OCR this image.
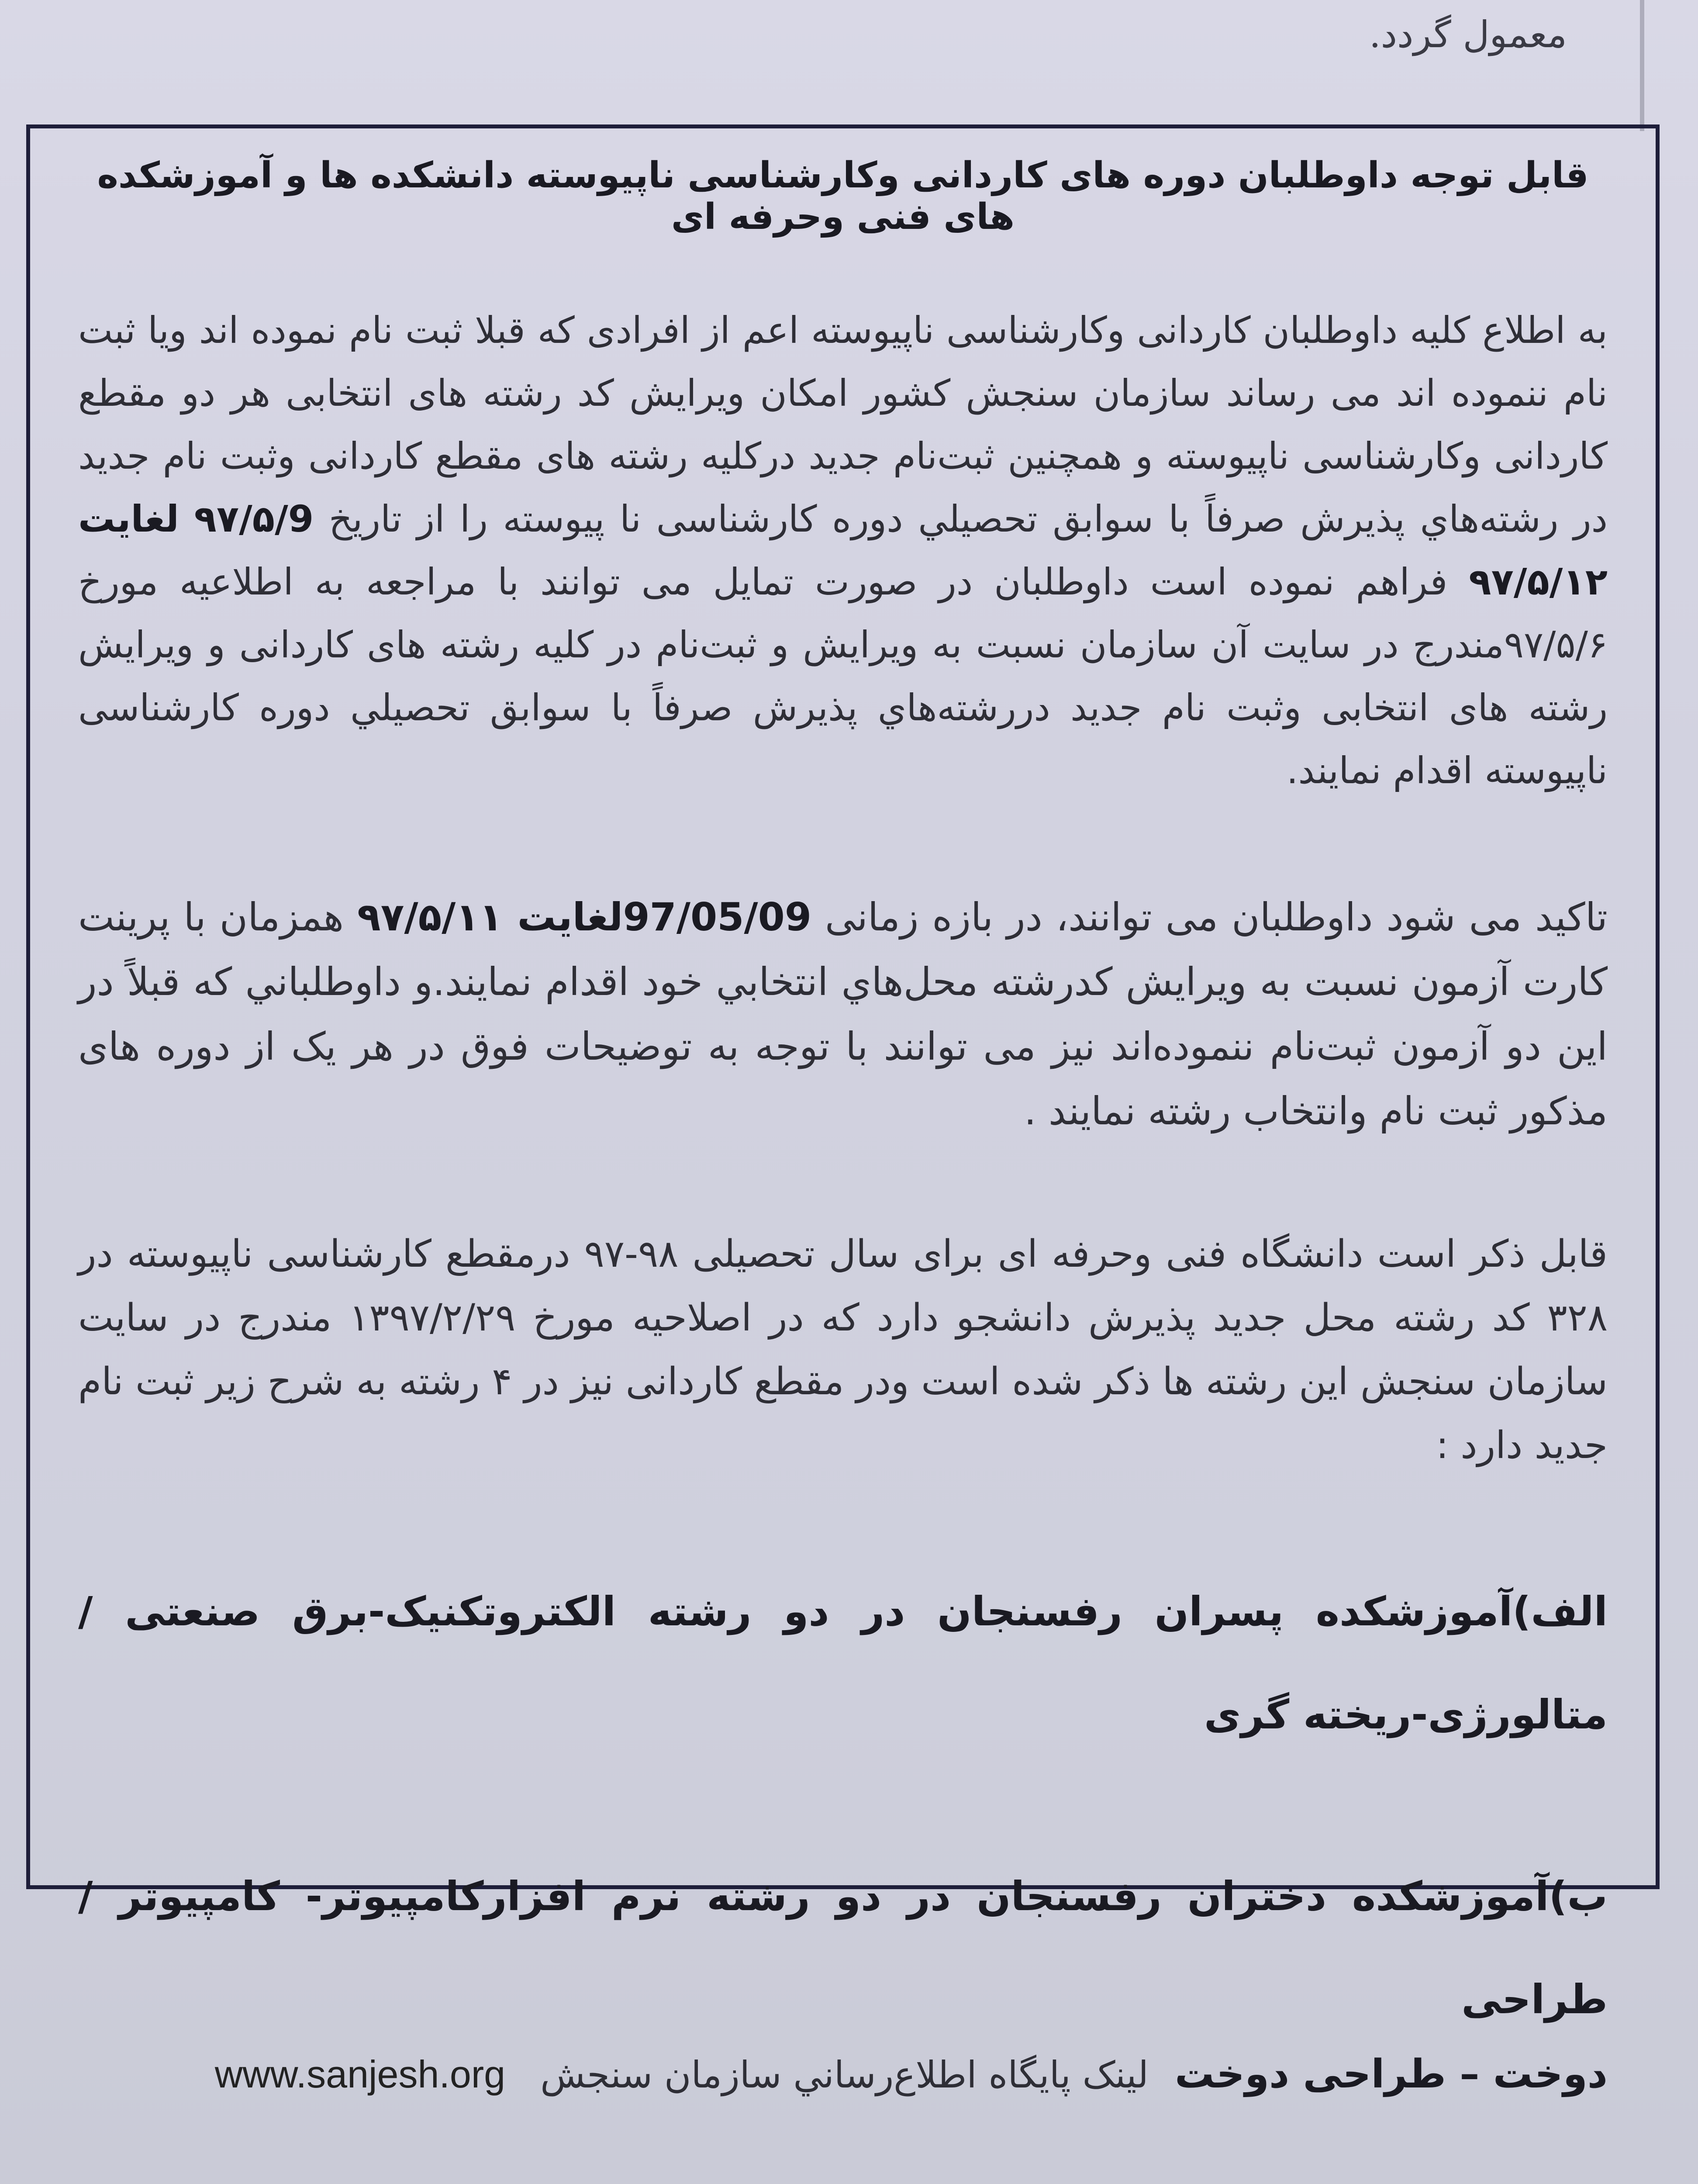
معمول گردد.

قابل توجه داوطلبان دوره های کاردانی وکارشناسی ناپیوسته دانشکده ها و آموزشکده های فنی وحرفه ای

به اطلاع کلیه داوطلبان کاردانی وکارشناسی ناپیوسته اعم از افرادی که قبلا ثبت نام نموده اند ویا ثبت نام ننموده اند می رساند سازمان سنجش کشور امکان ویرایش کد رشته های انتخابی هر دو مقطع کاردانی وکارشناسی ناپیوسته و همچنین ثبت‌نام جدید درکلیه رشته های مقطع کاردانی وثبت نام جدید در رشته‌هاي پذيرش صرفاً با سوابق تحصيلي دوره کارشناسی نا پیوسته را از تاریخ ۹۷/۵/9 لغایت ۹۷/۵/۱۲ فراهم نموده است داوطلبان در صورت تمایل می توانند با مراجعه به اطلاعیه مورخ ۹۷/۵/۶مندرج در سایت آن سازمان نسبت به ویرایش و ثبت‌نام در کلیه رشته های کاردانی و ویرایش رشته های انتخابی وثبت نام جدید دررشته‌هاي پذيرش صرفاً با سوابق تحصيلي دوره کارشناسی ناپیوسته اقدام نمایند.

تاکید می شود داوطلبان می توانند، در بازه زمانی 97/05/09لغایت ۹۷/۵/۱۱ همزمان با پرینت کارت آزمون نسبت به ویرایش کدرشته محل‌هاي انتخابي خود اقدام نمایند.و داوطلباني که قبلاً در این دو آزمون ثبت‌نام ننموده‌اند نیز می توانند با توجه به توضیحات فوق در هر یک از دوره های مذکور ثبت نام وانتخاب رشته نمایند .

قابل ذکر است دانشگاه فنی وحرفه ای برای سال تحصیلی ۹۸-۹۷ درمقطع کارشناسی ناپیوسته در ۳۲۸ کد رشته محل جدید پذیرش دانشجو دارد که در اصلاحیه مورخ ۱۳۹۷/۲/۲۹ مندرج در سایت سازمان سنجش این رشته ها ذکر شده است ودر مقطع کاردانی نیز در ۴ رشته به شرح زیر ثبت نام جدید دارد :

الف)آموزشکده پسران رفسنجان در دو رشته الکتروتکنیک-برق صنعتی / متالورژی-ریخته گری

ب)آموزشکده دختران رفسنجان در دو رشته نرم افزارکامپیوتر- کامپیوتر / طراحی

دوخت – طراحی دوخت
لینک پایگاه اطلاع‌رساني سازمان سنجش
www.sanjesh.org
